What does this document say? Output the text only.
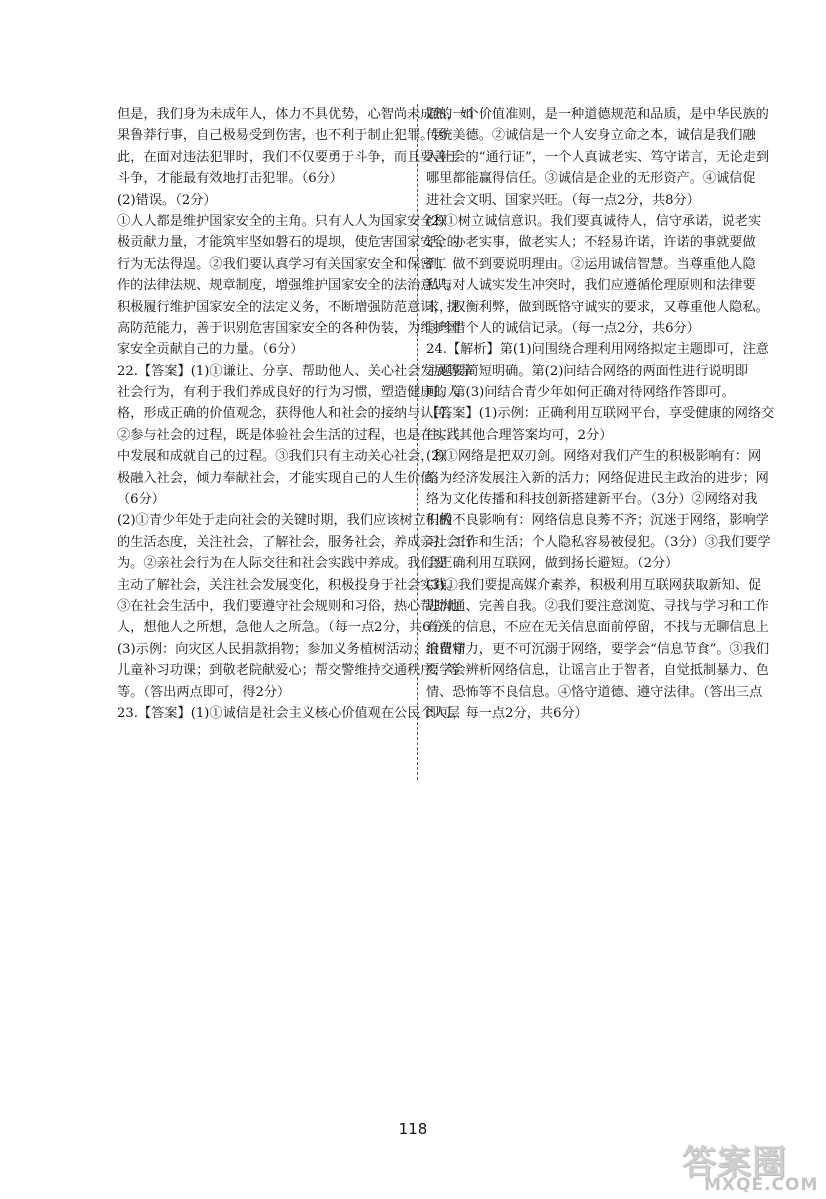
但是，我们身为未成年人，体力不具优势，心智尚未成熟，如
果鲁莽行事，自己极易受到伤害，也不利于制止犯罪。因
此，在面对违法犯罪时，我们不仅要勇于斗争，而且要善于
斗争，才能最有效地打击犯罪。（6分）
(2)错误。（2分）
①人人都是维护国家安全的主角。只有人人为国家安全积
极贡献力量，才能筑牢坚如磐石的堤坝，使危害国家安全的
行为无法得逞。②我们要认真学习有关国家安全和保密工
作的法律法规、规章制度，增强维护国家安全的法治意识。
积极履行维护国家安全的法定义务，不断增强防范意识，提
高防范能力，善于识别危害国家安全的各种伪装，为维护国
家安全贡献自己的力量。（6分）
22.【答案】(1)①谦让、分享、帮助他人、关心社会发展等亲
社会行为，有利于我们养成良好的行为习惯，塑造健康的人
格，形成正确的价值观念，获得他人和社会的接纳与认可。
②参与社会的过程，既是体验社会生活的过程，也是在实践
中发展和成就自己的过程。③我们只有主动关心社会，积
极融入社会，倾力奉献社会，才能实现自己的人生价值。
（6分）
(2)①青少年处于走向社会的关键时期，我们应该树立积极
的生活态度，关注社会，了解社会，服务社会，养成亲社会行
为。②亲社会行为在人际交往和社会实践中养成。我们要
主动了解社会，关注社会发展变化，积极投身于社会实践。
③在社会生活中，我们要遵守社会规则和习俗，热心帮助他
人，想他人之所想，急他人之所急。（每一点2分，共6分）
(3)示例：向灾区人民捐款捐物；参加义务植树活动；给留守
儿童补习功课；到敬老院献爱心；帮交警维持交通秩序；等
等。（答出两点即可，得2分）
23.【答案】(1)①诚信是社会主义核心价值观在公民个人层
面的一个价值准则，是一种道德规范和品质，是中华民族的
传统美德。②诚信是一个人安身立命之本，诚信是我们融
入社会的“通行证”，一个人真诚老实、笃守诺言，无论走到
哪里都能赢得信任。③诚信是企业的无形资产。④诚信促
进社会文明、国家兴旺。（每一点2分，共8分）
(2)①树立诚信意识。我们要真诚待人，信守承诺，说老实
话，办老实事，做老实人；不轻易许诺，许诺的事就要做
到，做不到要说明理由。②运用诚信智慧。当尊重他人隐
私与对人诚实发生冲突时，我们应遵循伦理原则和法律要
求，权衡利弊，做到既恪守诚实的要求，又尊重他人隐私。
③珍惜个人的诚信记录。（每一点2分，共6分）
24.【解析】第(1)问围绕合理利用网络拟定主题即可，注意
主题要简短明确。第(2)问结合网络的两面性进行说明即
可。第(3)问结合青少年如何正确对待网络作答即可。
【答案】(1)示例：正确利用互联网平台，享受健康的网络交
往。（其他合理答案均可，2分）
(2)①网络是把双刃剑。网络对我们产生的积极影响有：网
络为经济发展注入新的活力；网络促进民主政治的进步；网
络为文化传播和科技创新搭建新平台。（3分）②网络对我
们的不良影响有：网络信息良莠不齐；沉迷于网络，影响学
习、工作和生活；个人隐私容易被侵犯。（3分）③我们要学
会正确利用互联网，做到扬长避短。（2分）
(3)①我们要提高媒介素养，积极利用互联网获取新知、促
进沟通、完善自我。②我们要注意浏览、寻找与学习和工作
有关的信息，不应在无关信息面前停留，不找与无聊信息上
浪费精力，更不可沉溺于网络，要学会“信息节食”。③我们
要学会辨析网络信息，让谣言止于智者，自觉抵制暴力、色
情、恐怖等不良信息。④恪守道德、遵守法律。（答出三点
即可，每一点2分，共6分）
118
答案圈
MXQE.COM
